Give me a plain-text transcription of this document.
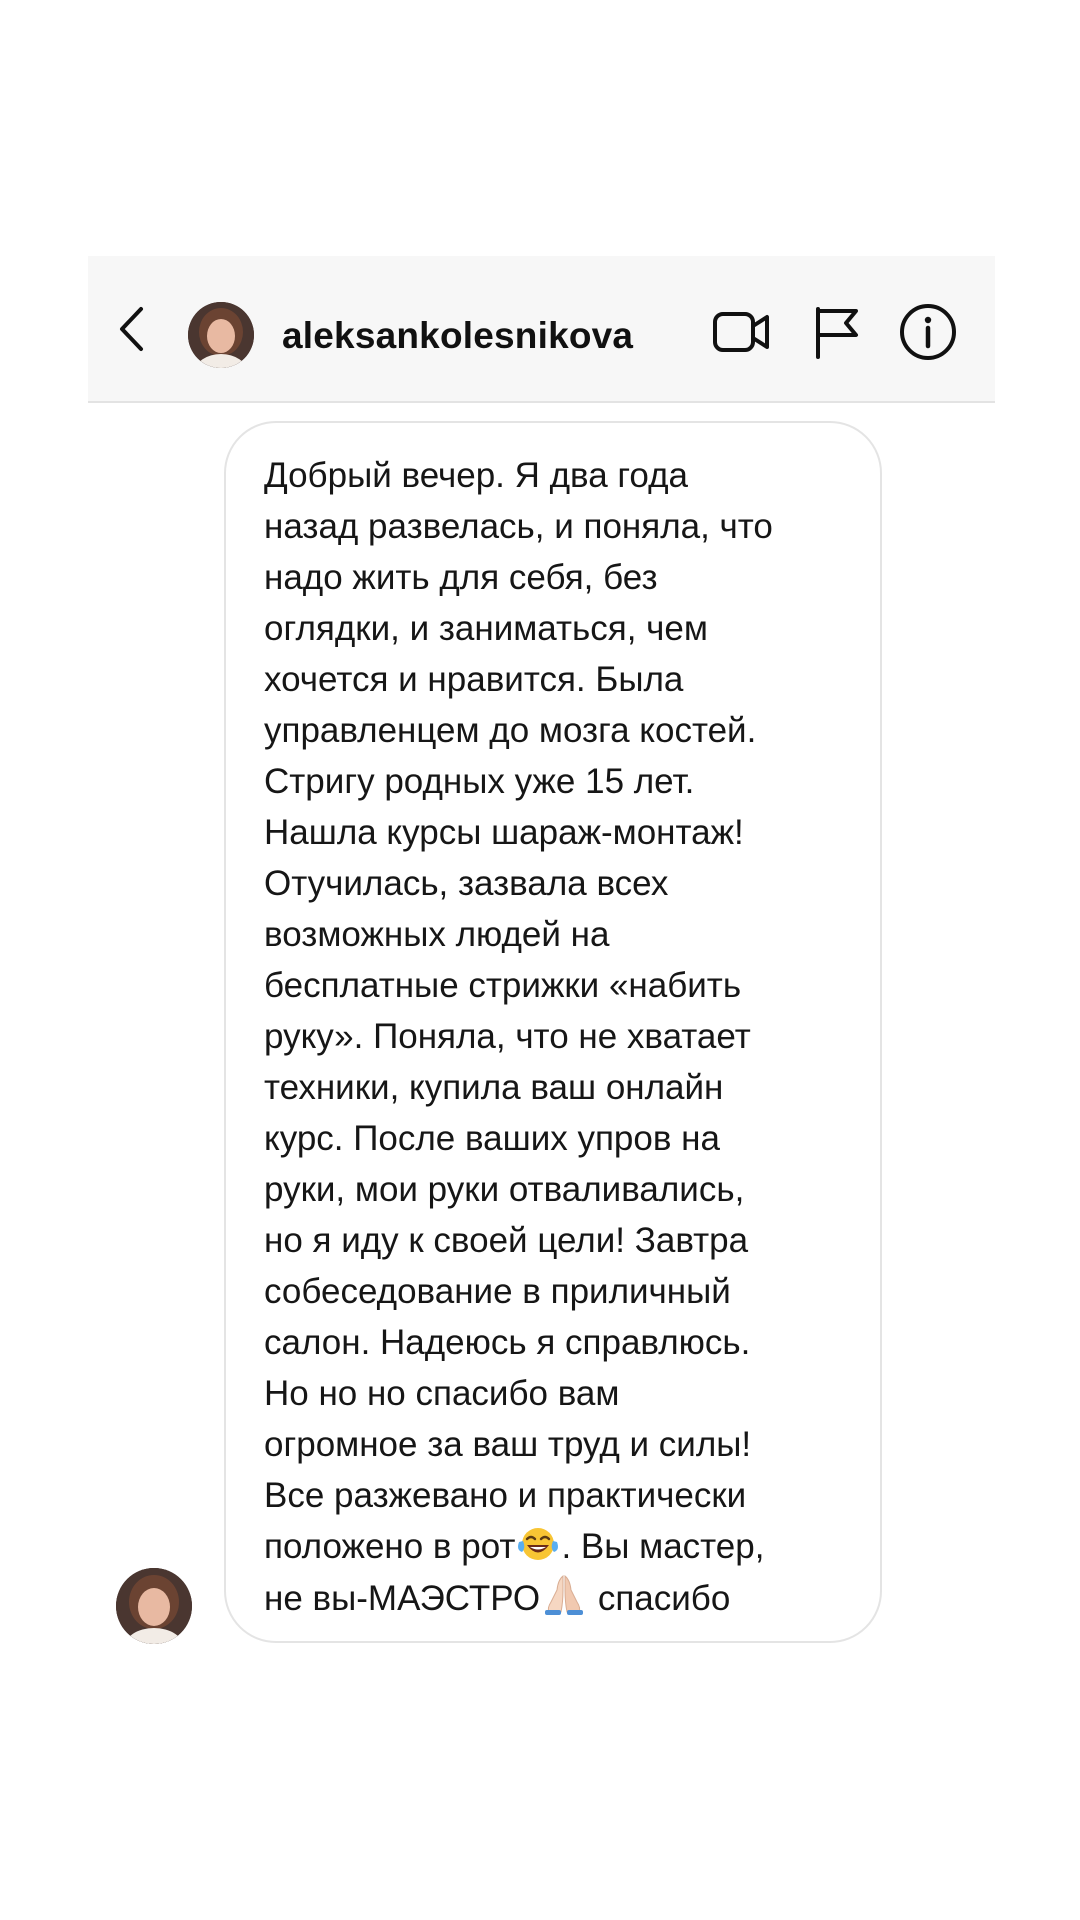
aleksankolesnikova
Добрый вечер. Я два года
назад развелась, и поняла, что
надо жить для себя, без
оглядки, и заниматься, чем
хочется и нравится. Была
управленцем до мозга костей.
Стригу родных уже 15 лет.
Нашла курсы шараж-монтаж!
Отучилась, зазвала всех
возможных людей на
бесплатные стрижки «набить
руку». Поняла, что не хватает
техники, купила ваш онлайн
курс. После ваших упров на
руки, мои руки отваливались,
но я иду к своей цели! Завтра
собеседование в приличный
салон. Надеюсь я справлюсь.
Но но но спасибо вам
огромное за ваш труд и силы!
Все разжевано и практически
положено в рот . Вы мастер,
не вы-МАЭСТРО спасибо
